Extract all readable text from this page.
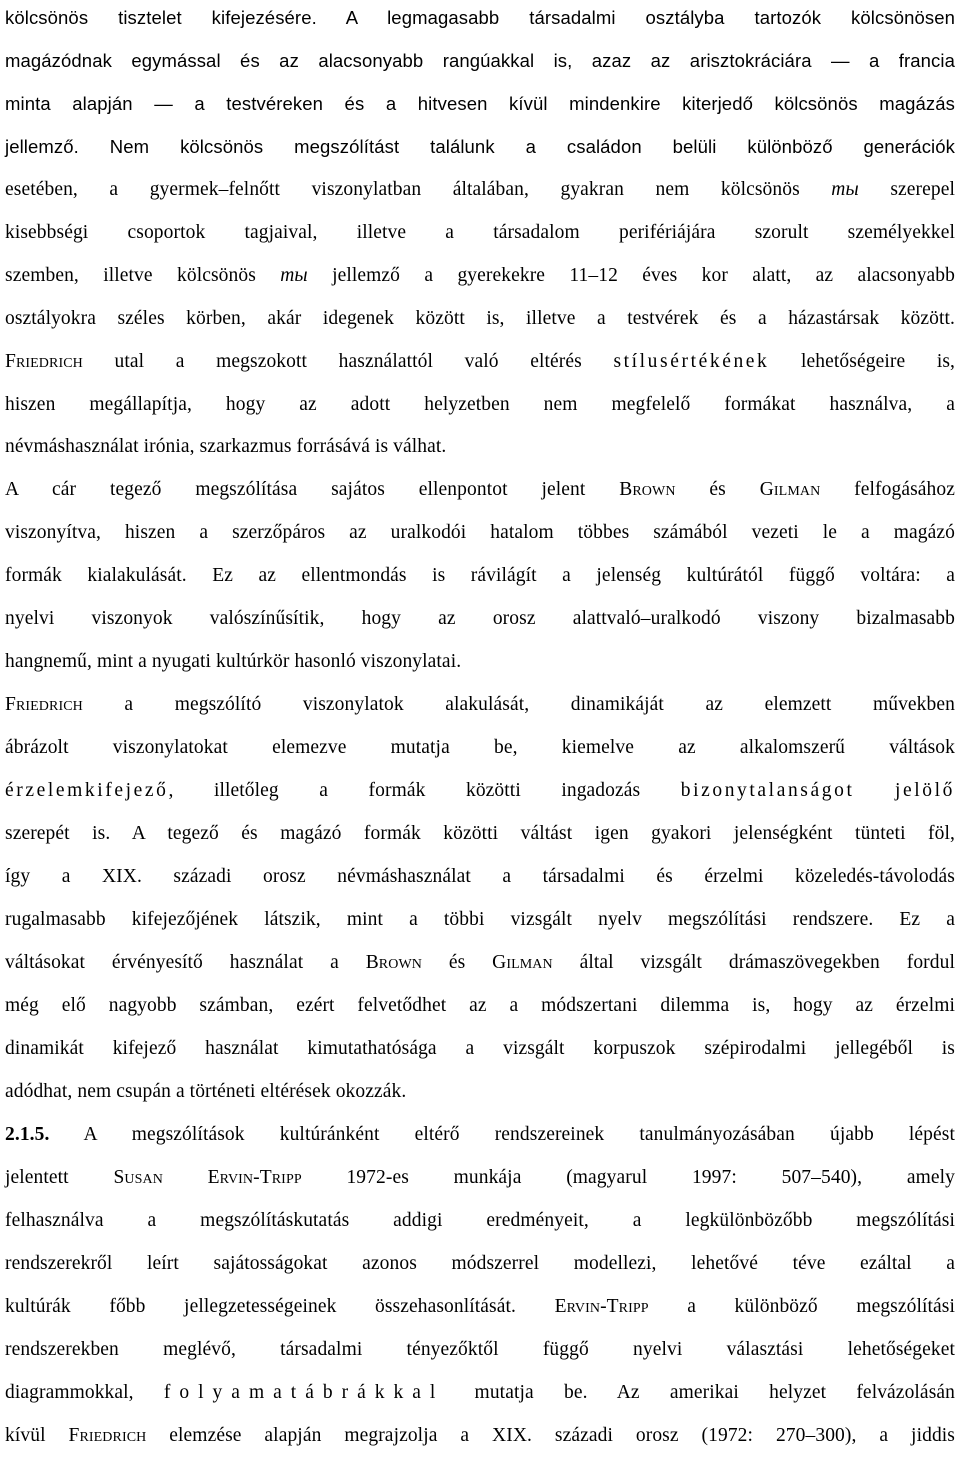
kölcsönös tisztelet kifejezésére. A legmagasabb társadalmi osztályba tartozók kölcsönösen
magázódnak egymással és az alacsonyabb rangúakkal is, azaz az arisztokráciára — a francia
minta alapján — a testvéreken és a hitvesen kívül mindenkire kiterjedő kölcsönös magázás
jellemző. Nem kölcsönös megszólítást találunk a családon belüli különböző generációk
esetében, a gyermek–felnőtt viszonylatban általában, gyakran nem kölcsönös ты szerepel
kisebbségi csoportok tagjaival, illetve a társadalom perifériájára szorult személyekkel
szemben, illetve kölcsönös ты jellemző a gyerekekre 11–12 éves kor alatt, az alacsonyabb
osztályokra széles körben, akár idegenek között is, illetve a testvérek és a házastársak között.
Friedrich utal a megszokott használattól való eltérés stílusértékének lehetőségeire is,
hiszen megállapítja, hogy az adott helyzetben nem megfelelő formákat használva, a
névmáshasználat irónia, szarkazmus forrásává is válhat.
A cár tegező megszólítása sajátos ellenpontot jelent Brown és Gilman felfogásához
viszonyítva, hiszen a szerzőpáros az uralkodói hatalom többes számából vezeti le a magázó
formák kialakulását. Ez az ellentmondás is rávilágít a jelenség kultúrától függő voltára: a
nyelvi viszonyok valószínűsítik, hogy az orosz alattvaló–uralkodó viszony bizalmasabb
hangnemű, mint a nyugati kultúrkör hasonló viszonylatai.
Friedrich a megszólító viszonylatok alakulását, dinamikáját az elemzett művekben
ábrázolt viszonylatokat elemezve mutatja be, kiemelve az alkalomszerű váltások
érzelemkifejező, illetőleg a formák közötti ingadozás bizonytalanságot jelölő
szerepét is. A tegező és magázó formák közötti váltást igen gyakori jelenségként tünteti föl,
így a XIX. századi orosz névmáshasználat a társadalmi és érzelmi közeledés-távolodás
rugalmasabb kifejezőjének látszik, mint a többi vizsgált nyelv megszólítási rendszere. Ez a
váltásokat érvényesítő használat a Brown és Gilman által vizsgált drámaszövegekben fordul
még elő nagyobb számban, ezért felvetődhet az a módszertani dilemma is, hogy az érzelmi
dinamikát kifejező használat kimutathatósága a vizsgált korpuszok szépirodalmi jellegéből is
adódhat, nem csupán a történeti eltérések okozzák.
2.1.5. A megszólítások kultúránként eltérő rendszereinek tanulmányozásában újabb lépést
jelentett Susan Ervin-Tripp 1972-es munkája (magyarul 1997: 507–540), amely
felhasználva a megszólításkutatás addigi eredményeit, a legkülönbözőbb megszólítási
rendszerekről leírt sajátosságokat azonos módszerrel modellezi, lehetővé téve ezáltal a
kultúrák főbb jellegzetességeinek összehasonlítását. Ervin-Tripp a különböző megszólítási
rendszerekben meglévő, társadalmi tényezőktől függő nyelvi választási lehetőségeket
diagrammokkal, folyamatábrákkal mutatja be. Az amerikai helyzet felvázolásán
kívül Friedrich elemzése alapján megrajzolja a XIX. századi orosz (1972: 270–300), a jiddis
